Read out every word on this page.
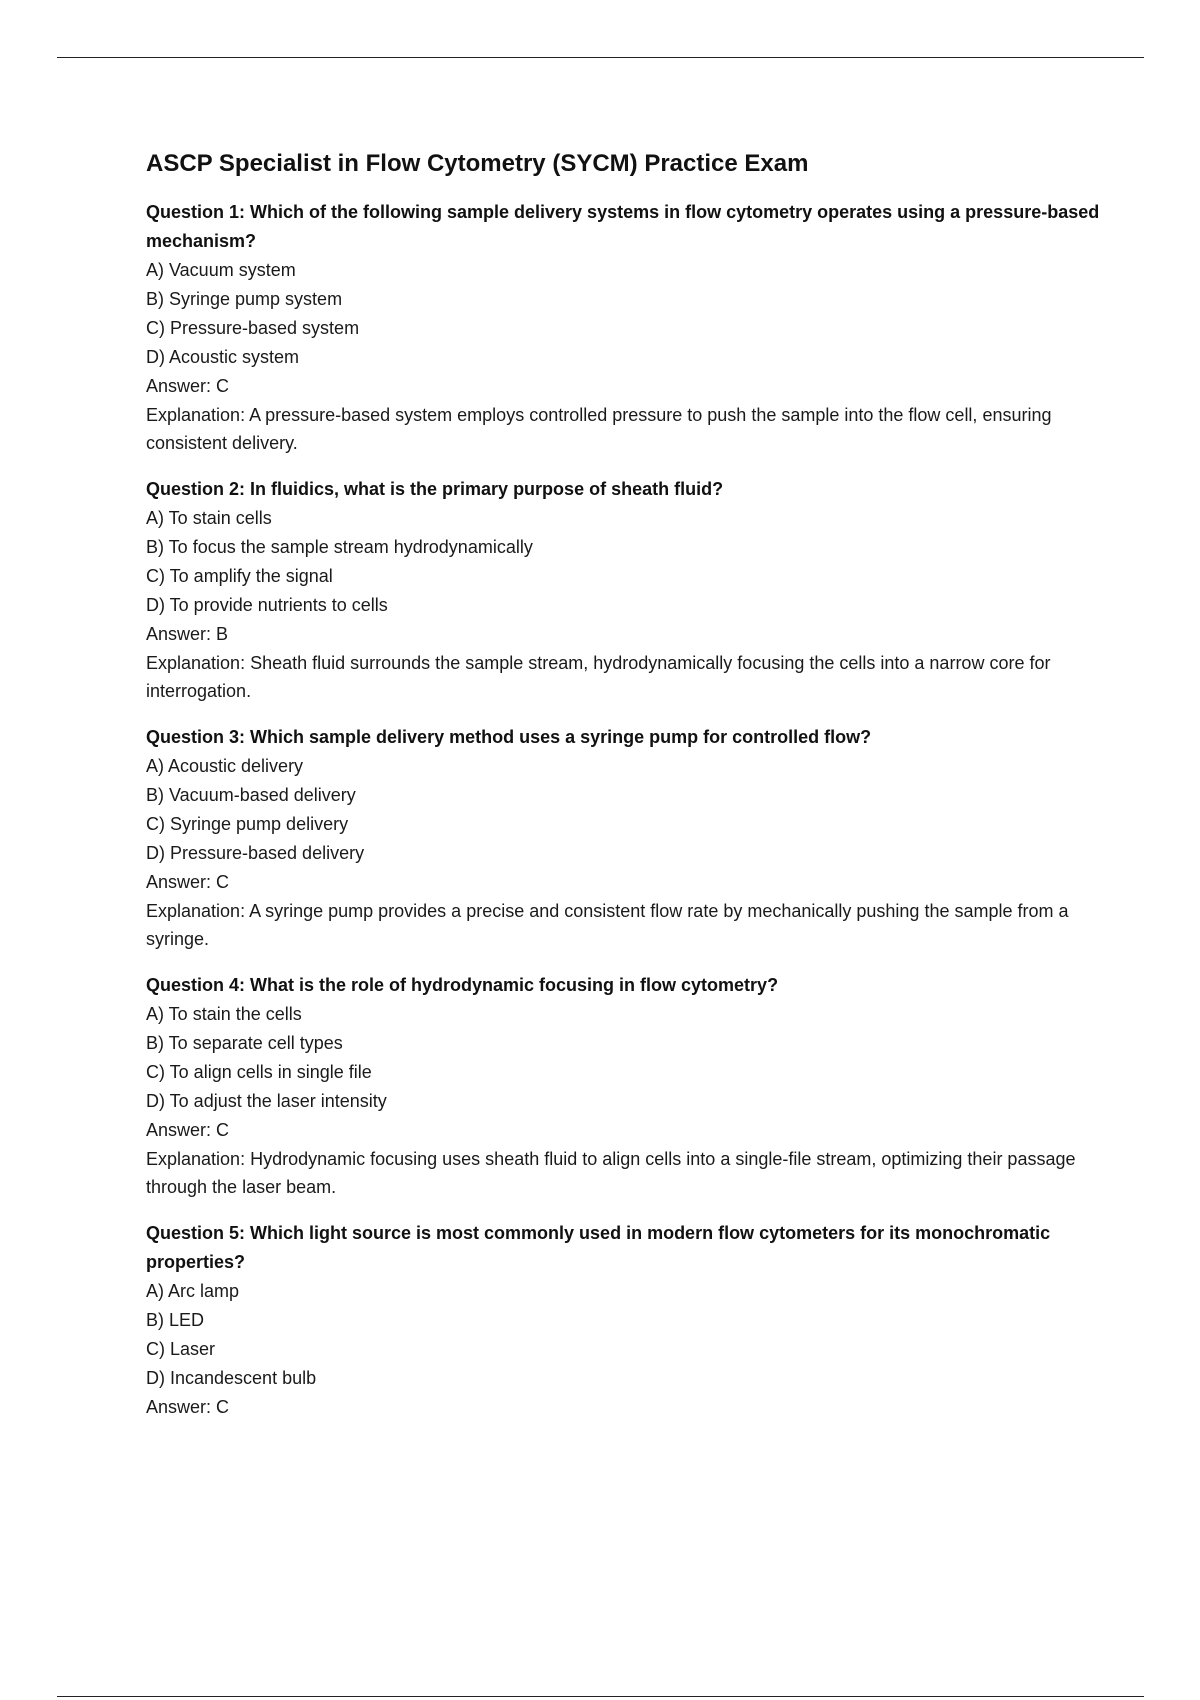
ASCP Specialist in Flow Cytometry (SYCM) Practice Exam

Question 1: Which of the following sample delivery systems in flow cytometry operates using a pressure-based mechanism?

A) Vacuum system

B) Syringe pump system

C) Pressure-based system

D) Acoustic system

Answer: C

Explanation: A pressure-based system employs controlled pressure to push the sample into the flow cell, ensuring consistent delivery.

Question 2: In fluidics, what is the primary purpose of sheath fluid?

A) To stain cells

B) To focus the sample stream hydrodynamically

C) To amplify the signal

D) To provide nutrients to cells

Answer: B

Explanation: Sheath fluid surrounds the sample stream, hydrodynamically focusing the cells into a narrow core for interrogation.

Question 3: Which sample delivery method uses a syringe pump for controlled flow?

A) Acoustic delivery

B) Vacuum-based delivery

C) Syringe pump delivery

D) Pressure-based delivery

Answer: C

Explanation: A syringe pump provides a precise and consistent flow rate by mechanically pushing the sample from a syringe.

Question 4: What is the role of hydrodynamic focusing in flow cytometry?

A) To stain the cells

B) To separate cell types

C) To align cells in single file

D) To adjust the laser intensity

Answer: C

Explanation: Hydrodynamic focusing uses sheath fluid to align cells into a single-file stream, optimizing their passage through the laser beam.

Question 5: Which light source is most commonly used in modern flow cytometers for its monochromatic properties?

A) Arc lamp

B) LED

C) Laser

D) Incandescent bulb

Answer: C
